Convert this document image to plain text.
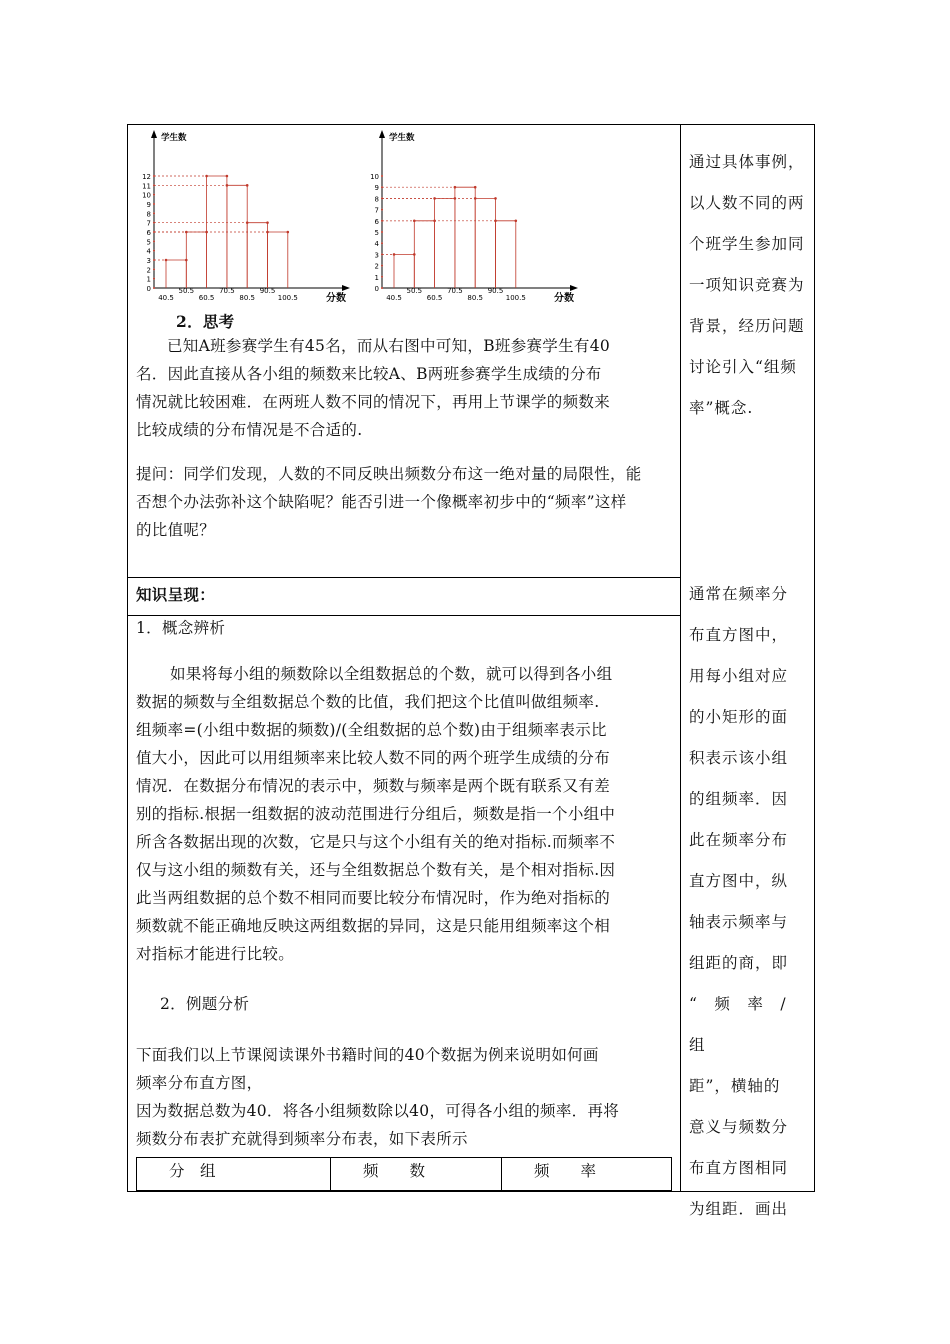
学生数
分数
0
1
2
3
4
5
6
7
8
9
10
11
12
40.5
50.5
60.5
70.5
80.5
90.5
100.5
学生数
分数
0
1
2
3
4
5
6
7
8
9
10
40.5
50.5
60.5
70.5
80.5
90.5
100.5
2．思考
已知A班参赛学生有45名，而从右图中可知，B班参赛学生有40
名．因此直接从各小组的频数来比较A、B两班参赛学生成绩的分布
情况就比较困难．在两班人数不同的情况下，再用上节课学的频数来
比较成绩的分布情况是不合适的.
提问：同学们发现，人数的不同反映出频数分布这一绝对量的局限性，能
否想个办法弥补这个缺陷呢？能否引进一个像概率初步中的“频率”这样
的比值呢？
知识呈现：
1．概念辨析
如果将每小组的频数除以全组数据总的个数，就可以得到各小组
数据的频数与全组数据总个数的比值，我们把这个比值叫做组频率.
组频率=(小组中数据的频数)/(全组数据的总个数)由于组频率表示比
值大小，因此可以用组频率来比较人数不同的两个班学生成绩的分布
情况．在数据分布情况的表示中，频数与频率是两个既有联系又有差
别的指标.根据一组数据的波动范围进行分组后，频数是指一个小组中
所含各数据出现的次数，它是只与这个小组有关的绝对指标.而频率不
仅与这小组的频数有关，还与全组数据总个数有关，是个相对指标.因
此当两组数据的总个数不相同而要比较分布情况时，作为绝对指标的
频数就不能正确地反映这两组数据的异同，这是只能用组频率这个相
对指标才能进行比较。
2．例题分析
下面我们以上节课阅读课外书籍时间的40个数据为例来说明如何画
频率分布直方图，
因为数据总数为40．将各小组频数除以40，可得各小组的频率．再将
频数分布表扩充就得到频率分布表，如下表所示
分　组	频　　数	频　　率
通过具体事例，
以人数不同的两
个班学生参加同
一项知识竞赛为
背景，经历问题
讨论引入“组频
率”概念.
通常在频率分
布直方图中，
用每小组对应
的小矩形的面
积表示该小组
的组频率．因
此在频率分布
直方图中，纵
轴表示频率与
组距的商，即
“　频　率　/　组
距”，横轴的
意义与频数分
布直方图相同
为组距．画出
